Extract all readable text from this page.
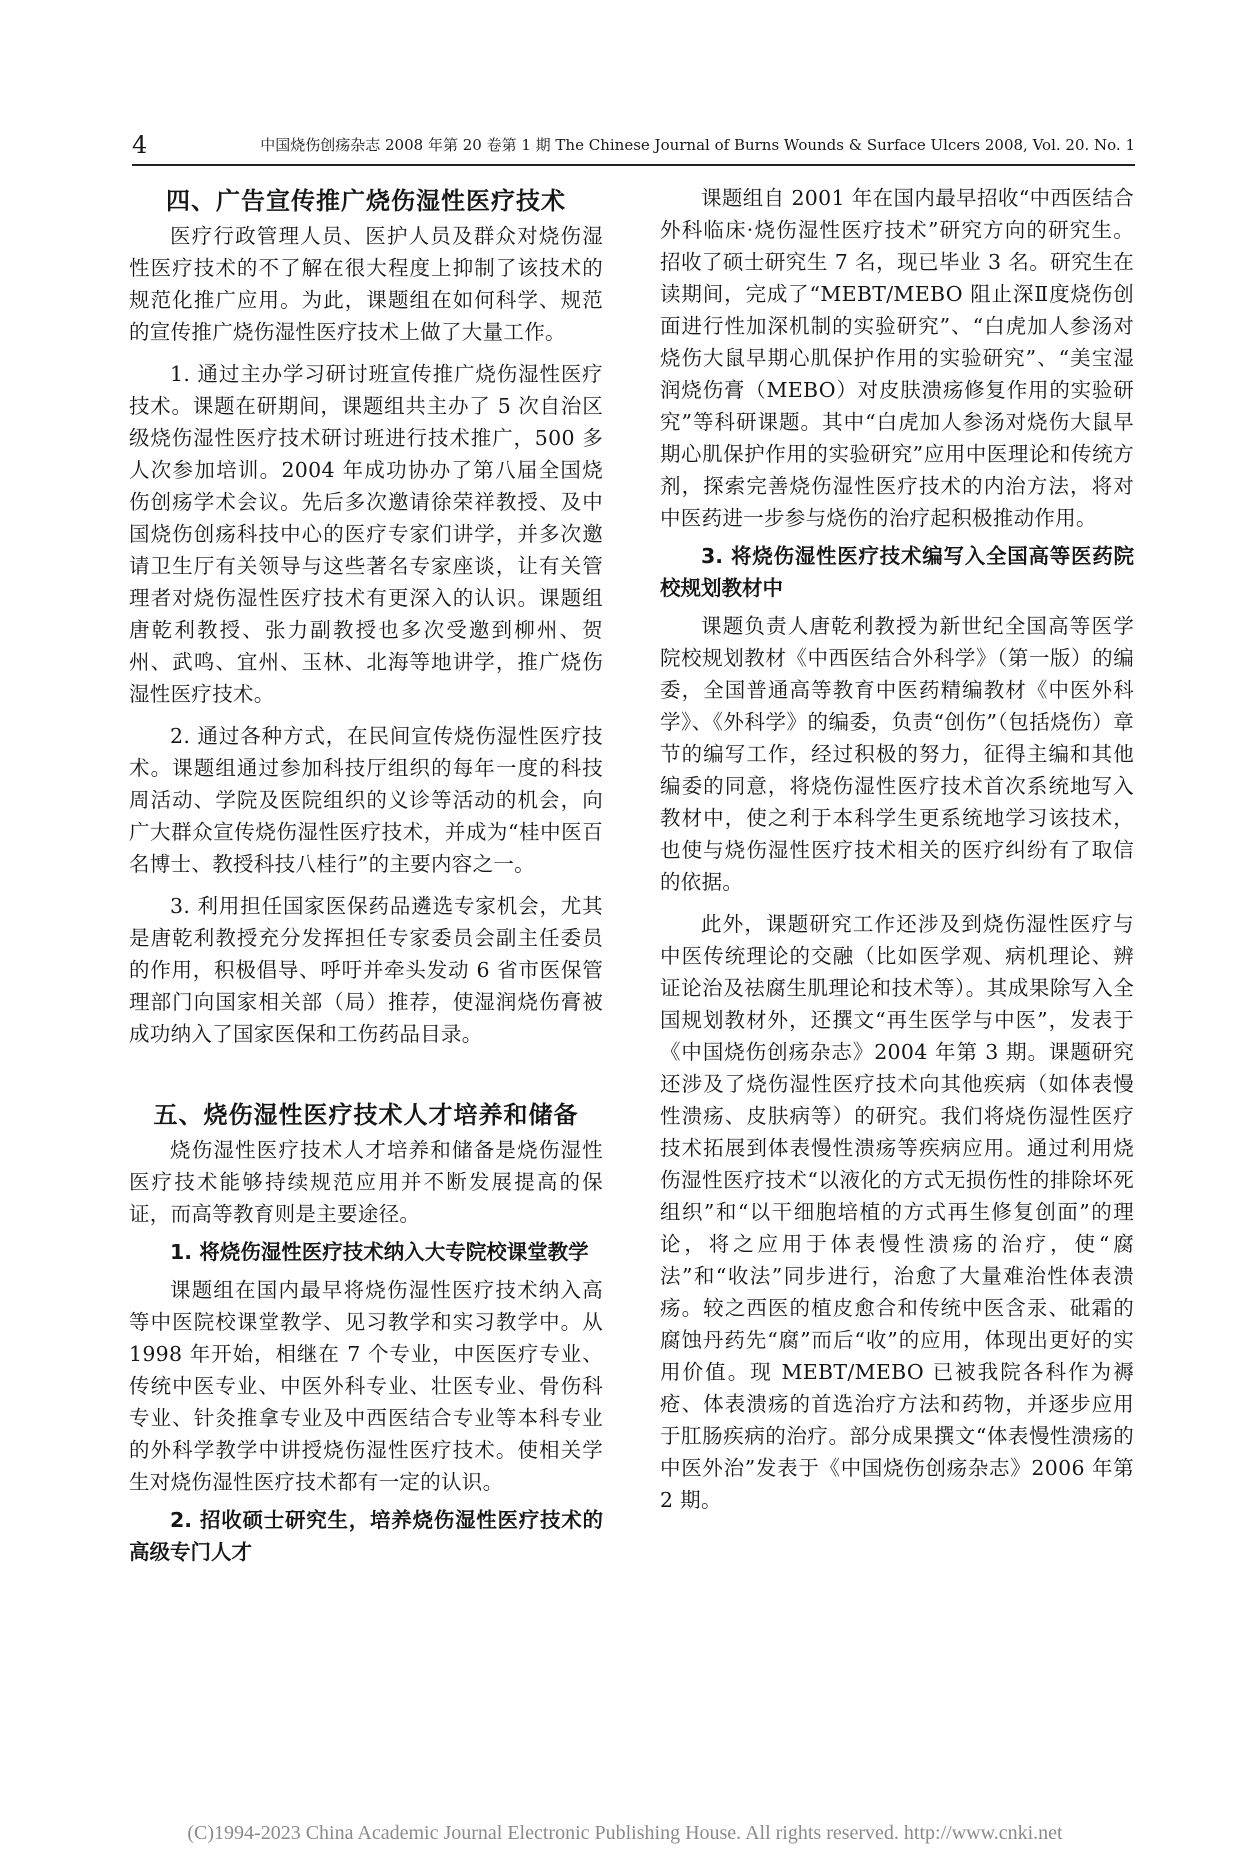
4	中国烧伤创疡杂志 2008 年第 20 卷第 1 期 The Chinese Journal of Burns Wounds & Surface Ulcers 2008, Vol. 20. No. 1
四、广告宣传推广烧伤湿性医疗技术

医疗行政管理人员、医护人员及群众对烧伤湿性医疗技术的不了解在很大程度上抑制了该技术的规范化推广应用。为此，课题组在如何科学、规范的宣传推广烧伤湿性医疗技术上做了大量工作。

1. 通过主办学习研讨班宣传推广烧伤湿性医疗技术。课题在研期间，课题组共主办了 5 次自治区级烧伤湿性医疗技术研讨班进行技术推广，500 多人次参加培训。2004 年成功协办了第八届全国烧伤创疡学术会议。先后多次邀请徐荣祥教授、及中国烧伤创疡科技中心的医疗专家们讲学，并多次邀请卫生厅有关领导与这些著名专家座谈，让有关管理者对烧伤湿性医疗技术有更深入的认识。课题组唐乾利教授、张力副教授也多次受邀到柳州、贺州、武鸣、宜州、玉林、北海等地讲学，推广烧伤湿性医疗技术。

2. 通过各种方式，在民间宣传烧伤湿性医疗技术。课题组通过参加科技厅组织的每年一度的科技周活动、学院及医院组织的义诊等活动的机会，向广大群众宣传烧伤湿性医疗技术，并成为“桂中医百名博士、教授科技八桂行”的主要内容之一。

3. 利用担任国家医保药品遴选专家机会，尤其是唐乾利教授充分发挥担任专家委员会副主任委员的作用，积极倡导、呼吁并牵头发动 6 省市医保管理部门向国家相关部（局）推荐，使湿润烧伤膏被成功纳入了国家医保和工伤药品目录。

五、烧伤湿性医疗技术人才培养和储备

烧伤湿性医疗技术人才培养和储备是烧伤湿性医疗技术能够持续规范应用并不断发展提高的保证，而高等教育则是主要途径。

1. 将烧伤湿性医疗技术纳入大专院校课堂教学

课题组在国内最早将烧伤湿性医疗技术纳入高等中医院校课堂教学、见习教学和实习教学中。从 1998 年开始，相继在 7 个专业，中医医疗专业、传统中医专业、中医外科专业、壮医专业、骨伤科专业、针灸推拿专业及中西医结合专业等本科专业的外科学教学中讲授烧伤湿性医疗技术。使相关学生对烧伤湿性医疗技术都有一定的认识。

2. 招收硕士研究生，培养烧伤湿性医疗技术的高级专门人才

课题组自 2001 年在国内最早招收“中西医结合外科临床·烧伤湿性医疗技术”研究方向的研究生。招收了硕士研究生 7 名，现已毕业 3 名。研究生在读期间，完成了“MEBT/MEBO 阻止深Ⅱ度烧伤创面进行性加深机制的实验研究”、“白虎加人参汤对烧伤大鼠早期心肌保护作用的实验研究”、“美宝湿润烧伤膏（MEBO）对皮肤溃疡修复作用的实验研究”等科研课题。其中“白虎加人参汤对烧伤大鼠早期心肌保护作用的实验研究”应用中医理论和传统方剂，探索完善烧伤湿性医疗技术的内治方法，将对中医药进一步参与烧伤的治疗起积极推动作用。

3. 将烧伤湿性医疗技术编写入全国高等医药院校规划教材中

课题负责人唐乾利教授为新世纪全国高等医学院校规划教材《中西医结合外科学》（第一版）的编委，全国普通高等教育中医药精编教材《中医外科学》、《外科学》的编委，负责“创伤”（包括烧伤）章节的编写工作，经过积极的努力，征得主编和其他编委的同意，将烧伤湿性医疗技术首次系统地写入教材中，使之利于本科学生更系统地学习该技术，也使与烧伤湿性医疗技术相关的医疗纠纷有了取信的依据。

此外，课题研究工作还涉及到烧伤湿性医疗与中医传统理论的交融（比如医学观、病机理论、辨证论治及祛腐生肌理论和技术等）。其成果除写入全国规划教材外，还撰文“再生医学与中医”，发表于《中国烧伤创疡杂志》2004 年第 3 期。课题研究还涉及了烧伤湿性医疗技术向其他疾病（如体表慢性溃疡、皮肤病等）的研究。我们将烧伤湿性医疗技术拓展到体表慢性溃疡等疾病应用。通过利用烧伤湿性医疗技术“以液化的方式无损伤性的排除坏死组织”和“以干细胞培植的方式再生修复创面”的理论，将之应用于体表慢性溃疡的治疗，使“腐法”和“收法”同步进行，治愈了大量难治性体表溃疡。较之西医的植皮愈合和传统中医含汞、砒霜的腐蚀丹药先“腐”而后“收”的应用，体现出更好的实用价值。现 MEBT/MEBO 已被我院各科作为褥疮、体表溃疡的首选治疗方法和药物，并逐步应用于肛肠疾病的治疗。部分成果撰文“体表慢性溃疡的中医外治”发表于《中国烧伤创疡杂志》2006 年第 2 期。

(C)1994-2023 China Academic Journal Electronic Publishing House. All rights reserved. http://www.cnki.net
